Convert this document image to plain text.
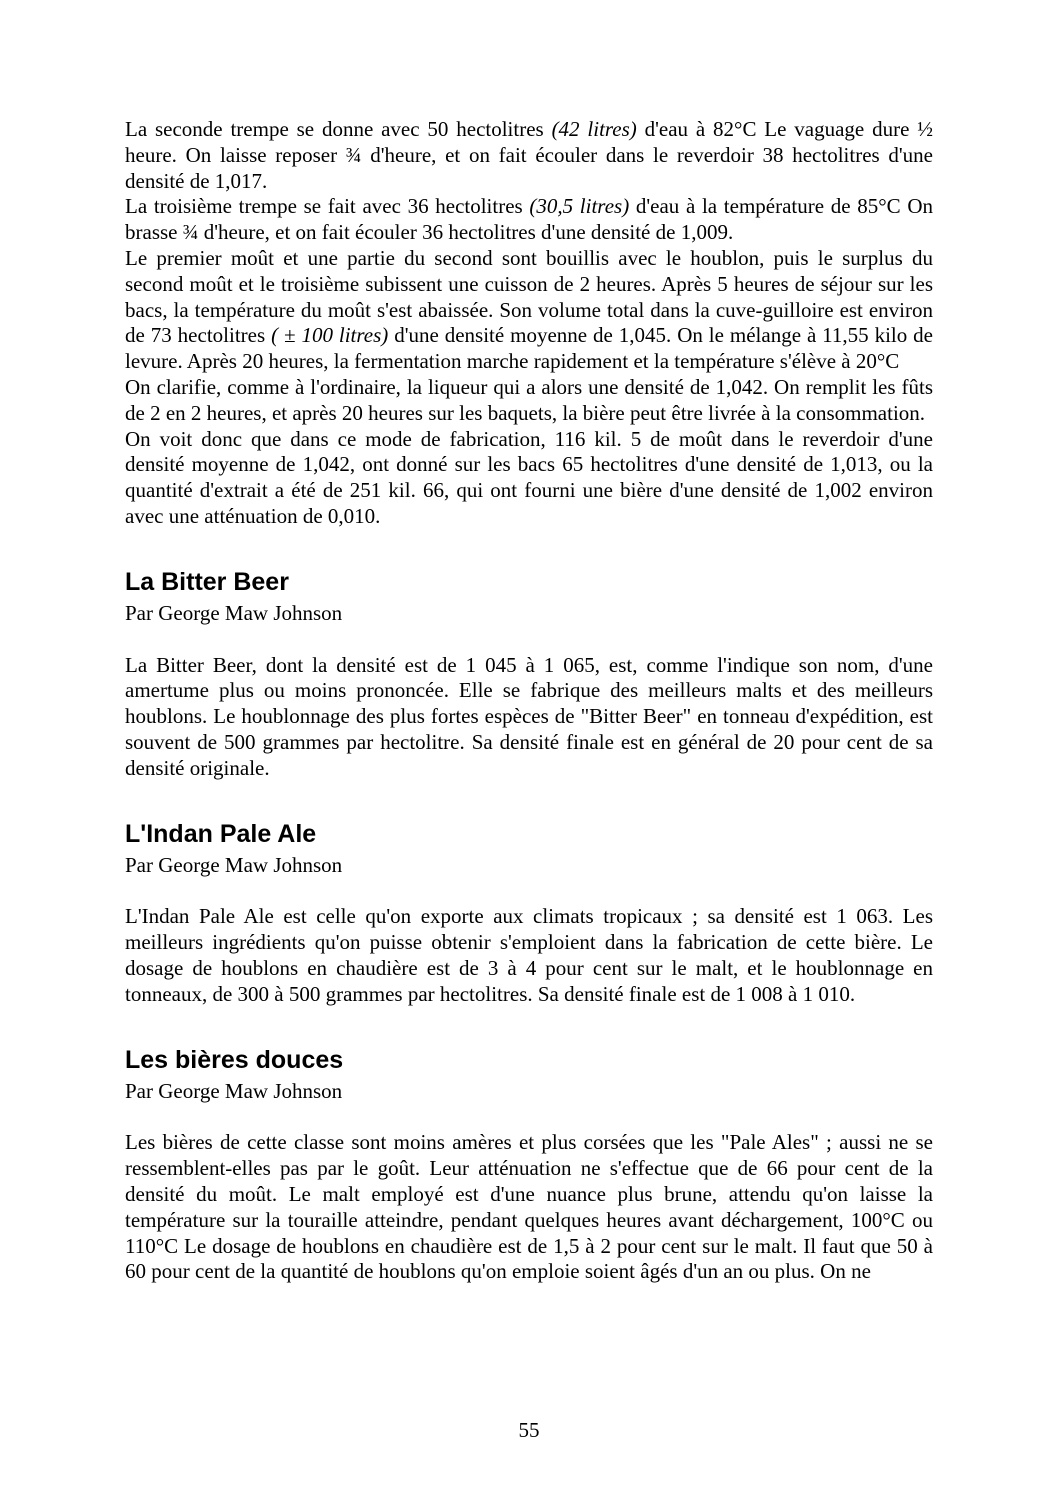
La seconde trempe se donne avec 50 hectolitres (42 litres) d'eau à 82°C Le vaguage dure ½ heure. On laisse reposer ¾ d'heure, et on fait écouler dans le reverdoir 38 hectolitres d'une densité de 1,017.

La troisième trempe se fait avec 36 hectolitres (30,5 litres) d'eau à la température de 85°C On brasse ¾ d'heure, et on fait écouler 36 hectolitres d'une densité de 1,009.

Le premier moût et une partie du second sont bouillis avec le houblon, puis le surplus du second moût et le troisième subissent une cuisson de 2 heures. Après 5 heures de séjour sur les bacs, la température du moût s'est abaissée. Son volume total dans la cuve-guilloire est environ de 73 hectolitres ( ± 100 litres) d'une densité moyenne de 1,045. On le mélange à 11,55 kilo de levure. Après 20 heures, la fermentation marche rapidement et la température s'élève à 20°C

On clarifie, comme à l'ordinaire, la liqueur qui a alors une densité de 1,042. On remplit les fûts de 2 en 2 heures, et après 20 heures sur les baquets, la bière peut être livrée à la consommation.

On voit donc que dans ce mode de fabrication, 116 kil. 5 de moût dans le reverdoir d'une densité moyenne de 1,042, ont donné sur les bacs 65 hectolitres d'une densité de 1,013, ou la quantité d'extrait a été de 251 kil. 66, qui ont fourni une bière d'une densité de 1,002 environ avec une atténuation de 0,010.

La Bitter Beer

Par George Maw Johnson

La Bitter Beer, dont la densité est de 1 045 à 1 065, est, comme l'indique son nom, d'une amertume plus ou moins prononcée. Elle se fabrique des meilleurs malts et des meilleurs houblons. Le houblonnage des plus fortes espèces de "Bitter Beer" en tonneau d'expédition, est souvent de 500 grammes par hectolitre. Sa densité finale est en général de 20 pour cent de sa densité originale.

L'Indan Pale Ale

Par George Maw Johnson

L'Indan Pale Ale est celle qu'on exporte aux climats tropicaux ; sa densité est 1 063. Les meilleurs ingrédients qu'on puisse obtenir s'emploient dans la fabrication de cette bière. Le dosage de houblons en chaudière est de 3 à 4 pour cent sur le malt, et le houblonnage en tonneaux, de 300 à 500 grammes par hectolitres. Sa densité finale est de 1 008 à 1 010.

Les bières douces

Par George Maw Johnson

Les bières de cette classe sont moins amères et plus corsées que les "Pale Ales" ; aussi ne se ressemblent-elles pas par le goût. Leur atténuation ne s'effectue que de 66 pour cent de la densité du moût. Le malt employé est d'une nuance plus brune, attendu qu'on laisse la température sur la touraille atteindre, pendant quelques heures avant déchargement, 100°C ou 110°C Le dosage de houblons en chaudière est de 1,5 à 2 pour cent sur le malt. Il faut que 50 à 60 pour cent de la quantité de houblons qu'on emploie soient âgés d'un an ou plus. On ne

55
